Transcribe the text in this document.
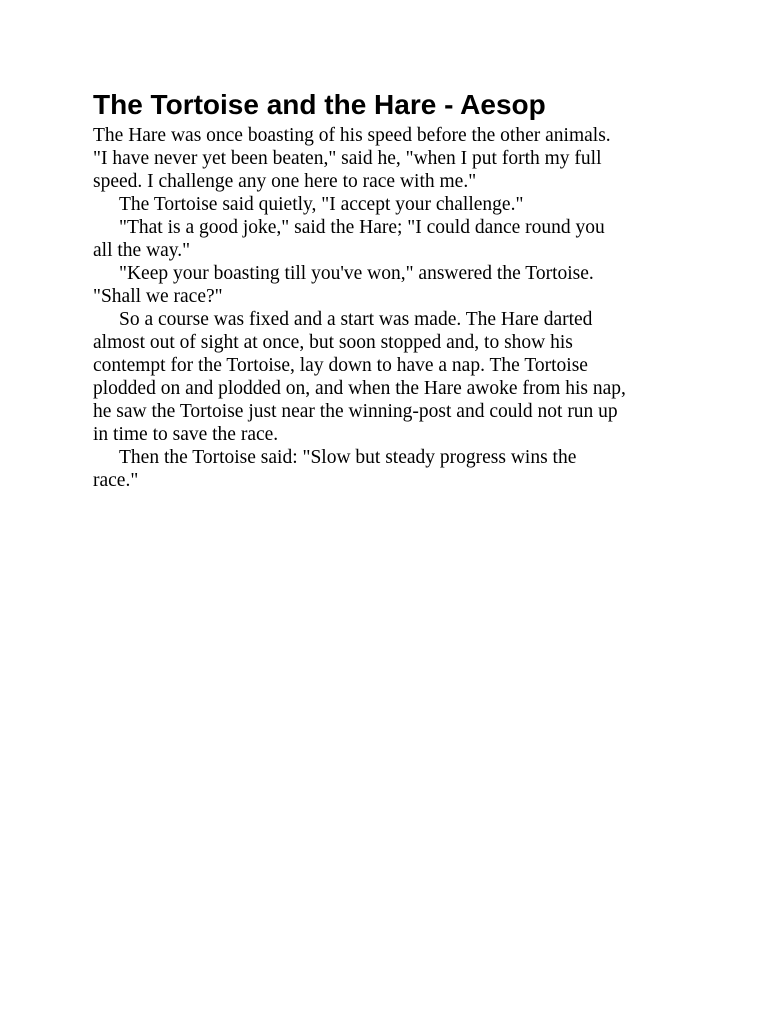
The Tortoise and the Hare - Aesop

The Hare was once boasting of his speed before the other animals.
"I have never yet been beaten," said he, "when I put forth my full
speed. I challenge any one here to race with me."

The Tortoise said quietly, "I accept your challenge."

"That is a good joke," said the Hare; "I could dance round you
all the way."

"Keep your boasting till you've won," answered the Tortoise.
"Shall we race?"

So a course was fixed and a start was made. The Hare darted
almost out of sight at once, but soon stopped and, to show his
contempt for the Tortoise, lay down to have a nap. The Tortoise
plodded on and plodded on, and when the Hare awoke from his nap,
he saw the Tortoise just near the winning-post and could not run up
in time to save the race.

Then the Tortoise said: "Slow but steady progress wins the
race."
